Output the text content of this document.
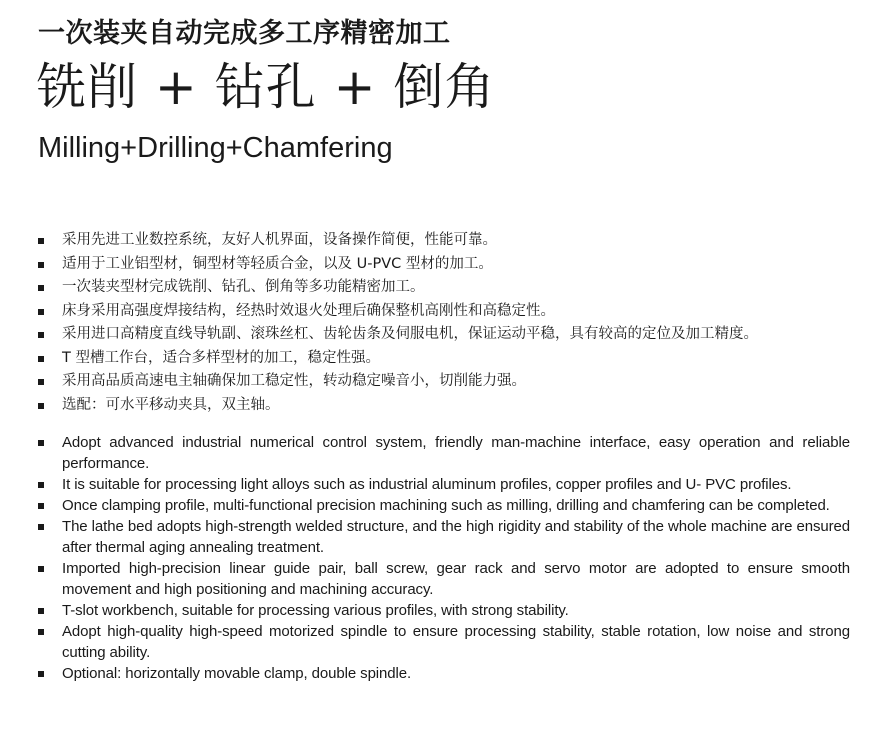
一次装夹自动完成多工序精密加工
铣削 + 钻孔 + 倒角
Milling+Drilling+Chamfering
采用先进工业数控系统，友好人机界面，设备操作简便，性能可靠。
适用于工业铝型材，铜型材等轻质合金，以及 U-PVC 型材的加工。
一次装夹型材完成铣削、钻孔、倒角等多功能精密加工。
床身采用高强度焊接结构，经热时效退火处理后确保整机高刚性和高稳定性。
采用进口高精度直线导轨副、滚珠丝杠、齿轮齿条及伺服电机，保证运动平稳，具有较高的定位及加工精度。
T 型槽工作台，适合多样型材的加工，稳定性强。
采用高品质高速电主轴确保加工稳定性，转动稳定噪音小，切削能力强。
选配：可水平移动夹具，双主轴。
Adopt advanced industrial numerical control system, friendly man-machine interface, easy operation and reliable performance.
It is suitable for processing light alloys such as industrial aluminum profiles, copper profiles and U- PVC profiles.
Once clamping profile, multi-functional precision machining such as milling, drilling and chamfering can be completed.
The lathe bed adopts high-strength welded structure, and the high rigidity and stability of the whole machine are ensured after thermal aging annealing treatment.
Imported high-precision linear guide pair, ball screw, gear rack and servo motor are adopted to ensure smooth movement and high positioning and machining accuracy.
T-slot workbench, suitable for processing various profiles, with strong stability.
Adopt high-quality high-speed motorized spindle to ensure processing stability, stable rotation, low noise and strong cutting ability.
Optional: horizontally movable clamp, double spindle.
